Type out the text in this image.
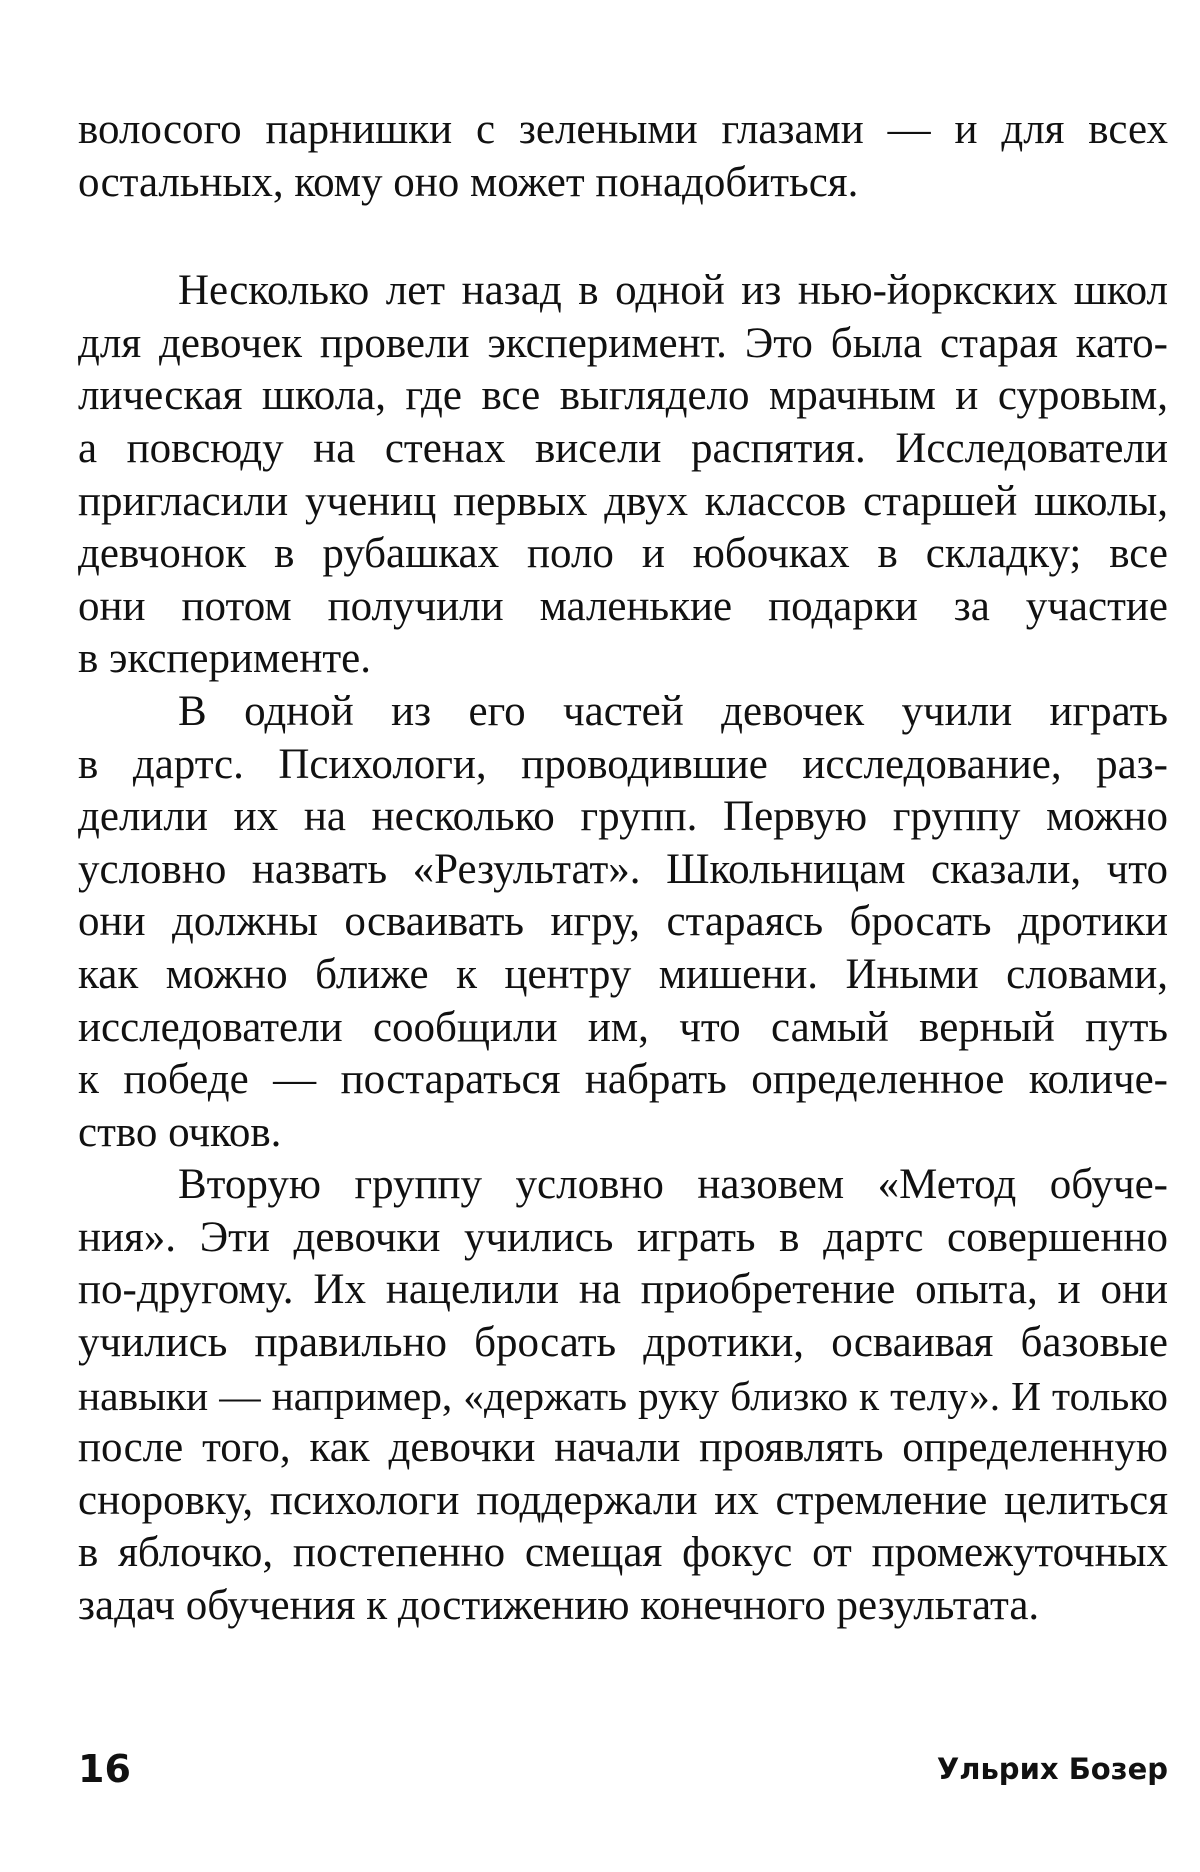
волосого парнишки с зелеными глазами — и для всех
остальных, кому оно может понадобиться.
Несколько лет назад в одной из нью-йоркских школ
для девочек провели эксперимент. Это была старая като-
лическая школа, где все выглядело мрачным и суровым,
а повсюду на стенах висели распятия. Исследователи
пригласили учениц первых двух классов старшей школы,
девчонок в рубашках поло и юбочках в складку; все
они потом получили маленькие подарки за участие
в эксперименте.
В одной из его частей девочек учили играть
в дартс. Психологи, проводившие исследование, раз-
делили их на несколько групп. Первую группу можно
условно назвать «Результат». Школьницам сказали, что
они должны осваивать игру, стараясь бросать дротики
как можно ближе к центру мишени. Иными словами,
исследователи сообщили им, что самый верный путь
к победе — постараться набрать определенное количе-
ство очков.
Вторую группу условно назовем «Метод обуче-
ния». Эти девочки учились играть в дартс совершенно
по-другому. Их нацелили на приобретение опыта, и они
учились правильно бросать дротики, осваивая базовые
навыки — например, «держать руку близко к телу». И только
после того, как девочки начали проявлять определенную
сноровку, психологи поддержали их стремление целиться
в яблочко, постепенно смещая фокус от промежуточных
задач обучения к достижению конечного результата.
16	Ульрих Бозер
